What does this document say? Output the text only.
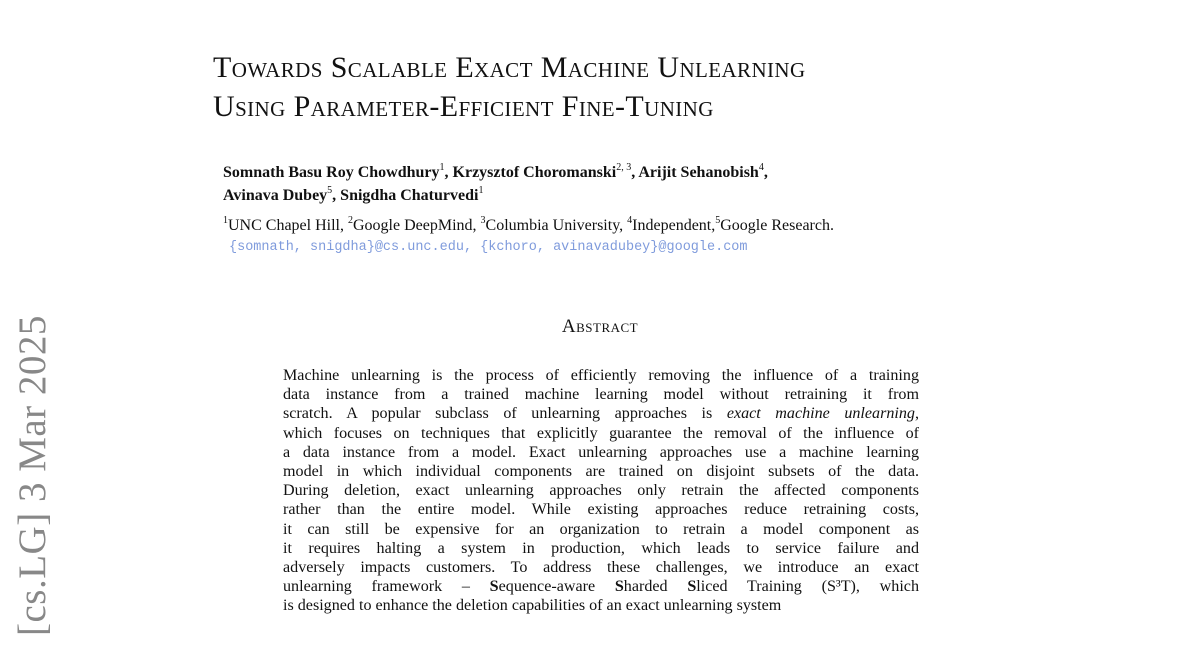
[cs.LG] 3 Mar 2025
Towards Scalable Exact Machine Unlearning
Using Parameter-Efficient Fine-Tuning
Somnath Basu Roy Chowdhury$^1$, Krzysztof Choromanski$^{2, 3}$, Arijit Sehanobish$^4$,
Avinava Dubey$^5$, Snigdha Chaturvedi$^1$
$^1$UNC Chapel Hill, $^2$Google DeepMind, $^3$Columbia University, $^4$Independent,$^5$Google Research.
{somnath, snigdha}@cs.unc.edu, {kchoro, avinavadubey}@google.com
Abstract
Machine unlearning is the process of efficiently removing the influence of a training
data instance from a trained machine learning model without retraining it from
scratch. A popular subclass of unlearning approaches is exact machine unlearning,
which focuses on techniques that explicitly guarantee the removal of the influence of
a data instance from a model. Exact unlearning approaches use a machine learning
model in which individual components are trained on disjoint subsets of the data.
During deletion, exact unlearning approaches only retrain the affected components
rather than the entire model. While existing approaches reduce retraining costs,
it can still be expensive for an organization to retrain a model component as
it requires halting a system in production, which leads to service failure and
adversely impacts customers. To address these challenges, we introduce an exact
unlearning framework – Sequence-aware Sharded Sliced Training (S³T), which
is designed to enhance the deletion capabilities of an exact unlearning system
